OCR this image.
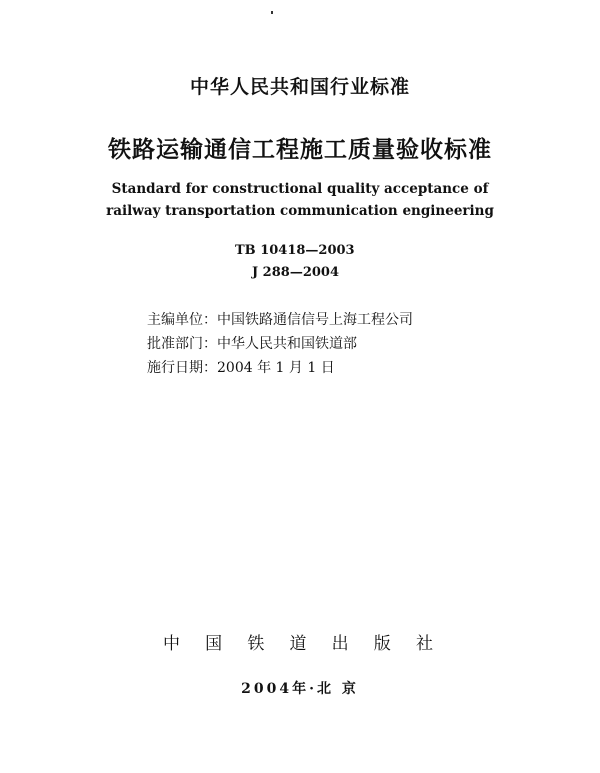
中华人民共和国行业标准
铁路运输通信工程施工质量验收标准
Standard for constructional quality acceptance of
railway transportation communication engineering
TB 10418—2003
J 288—2004
主编单位：中国铁路通信信号上海工程公司
批准部门：中华人民共和国铁道部
施行日期：2004 年 1 月 1 日
中 国 铁 道 出 版 社
2004年·北 京
